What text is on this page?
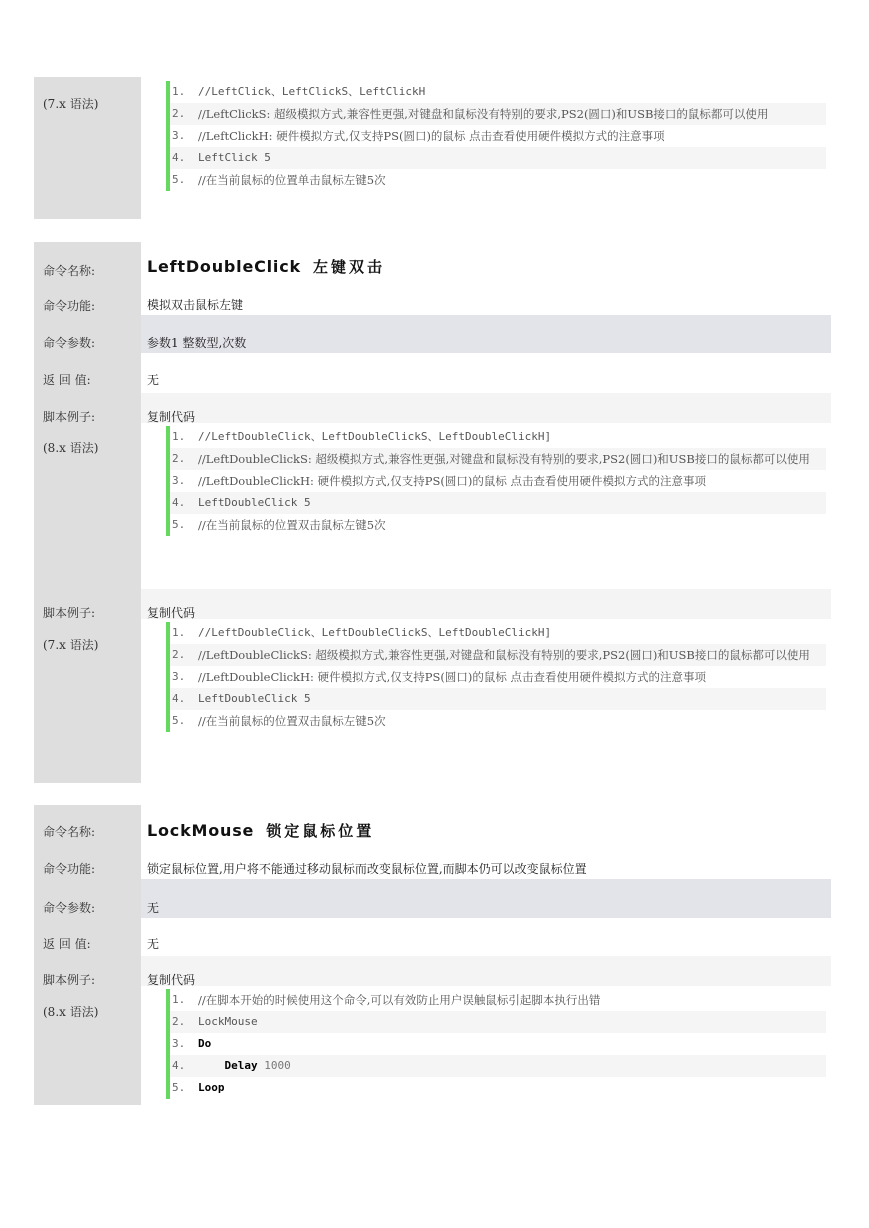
(7.x 语法)
1.	//LeftClick、LeftClickS、LeftClickH
2.	//LeftClickS: 超级模拟方式,兼容性更强,对键盘和鼠标没有特别的要求,PS2(圆口)和USB接口的鼠标都可以使用
3.	//LeftClickH: 硬件模拟方式,仅支持PS(圆口)的鼠标 点击查看使用硬件模拟方式的注意事项
4.	LeftClick 5
5.	//在当前鼠标的位置单击鼠标左键5次
命令名称:	LeftDoubleClick 左键双击
命令功能:	模拟双击鼠标左键
命令参数:	参数1 整数型,次数
返 回 值:	无
脚本例子:
(8.x 语法)
复制代码
1.	//LeftDoubleClick、LeftDoubleClickS、LeftDoubleClickH]
2.	//LeftDoubleClickS: 超级模拟方式,兼容性更强,对键盘和鼠标没有特别的要求,PS2(圆口)和USB接口的鼠标都可以使用
3.	//LeftDoubleClickH: 硬件模拟方式,仅支持PS(圆口)的鼠标 点击查看使用硬件模拟方式的注意事项
4.	LeftDoubleClick 5
5.	//在当前鼠标的位置双击鼠标左键5次
脚本例子:
(7.x 语法)
复制代码
1.	//LeftDoubleClick、LeftDoubleClickS、LeftDoubleClickH]
2.	//LeftDoubleClickS: 超级模拟方式,兼容性更强,对键盘和鼠标没有特别的要求,PS2(圆口)和USB接口的鼠标都可以使用
3.	//LeftDoubleClickH: 硬件模拟方式,仅支持PS(圆口)的鼠标 点击查看使用硬件模拟方式的注意事项
4.	LeftDoubleClick 5
5.	//在当前鼠标的位置双击鼠标左键5次
命令名称:	LockMouse 锁定鼠标位置
命令功能:	锁定鼠标位置,用户将不能通过移动鼠标而改变鼠标位置,而脚本仍可以改变鼠标位置
命令参数:	无
返 回 值:	无
脚本例子:
(8.x 语法)
复制代码
1.	//在脚本开始的时候使用这个命令,可以有效防止用户误触鼠标引起脚本执行出错
2.	LockMouse
3.	Do
4.	Delay 1000
5.	Loop
